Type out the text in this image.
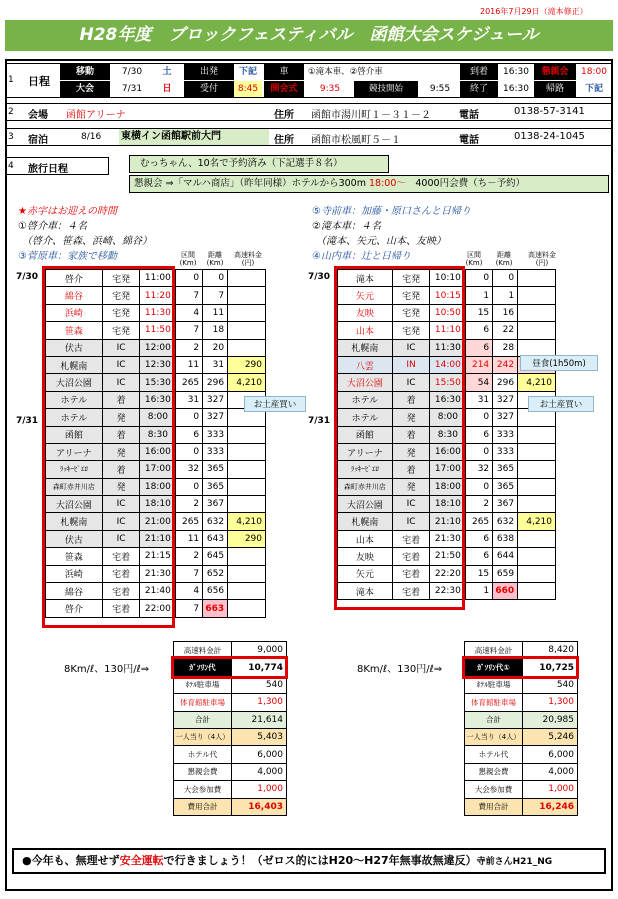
2016年7月29日（滝本修正）
H28年度　ブロックフェスティバル　函館大会スケジュール
1 日程
移動	7/30	土	出発	下記	車	①滝本車、②啓介車	到着	16:30	懇親会	18:00
大会	7/31	日	受付	8:45	開会式	9:35	競技開始	9:55	終了	16:30	帰路	下記
2 会場 函館アリーナ	住所 函館市湯川町１－３１－２	電話	0138-57-3141
3 宿泊	8/16 東横イン函館駅前大門	住所 函館市松風町５－１	電話	0138-24-1045
4 旅行日程
むっちゃん、10名で予約済み（下記選手８名）
懇親会 ⇒「マルハ商店」（昨年同様）ホテルから300m 18:00～　4000円会費（ち－予約）
★赤字はお迎えの時間
①啓介車：４名
（啓介、笹森、浜崎、綿谷）
③菅原車：家族で移動
⑤寺前車：加藤・原口さんと日帰り
②滝本車：４名
（滝本、矢元、山本、友映）
④山内車：辻と日帰り
区間
(Km)
距離
(Km)
高速料金
(円)
区間
(Km)
距離
(Km)
高速料金
(円)
7/30
7/31
7/30
7/31
啓介	宅発	11:00	0	0	
綿谷	宅発	11:20	7	7	
浜崎	宅発	11:30	4	11	
笹森	宅発	11:50	7	18	
伏古	IC	12:00	2	20	
札幌南	IC	12:30	11	31	290
大沼公園	IC	15:30	265	296	4,210
ホテル	着	16:30	31	327	
ホテル	発	8:00	0	327	
函館	着	8:30	6	333	
アリーナ	発	16:00	0	333	
ﾗｯｷｰﾋﾟｴﾛ	着	17:00	32	365	
森町赤井川店	発	18:00	0	365	
大沼公園	IC	18:10	2	367	
札幌南	IC	21:00	265	632	4,210
伏古	IC	21:10	11	643	290
笹森	宅着	21:15	2	645	
浜崎	宅着	21:30	7	652	
綿谷	宅着	21:40	4	656	
啓介	宅着	22:00	7	663	
滝本	宅発	10:10	0	0	
矢元	宅発	10:15	1	1	
友映	宅発	10:50	15	16	
山本	宅発	11:10	6	22	
札幌南	IC	11:30	6	28	
八雲	IN	14:00	214	242	
大沼公園	IC	15:50	54	296	4,210
ホテル	着	16:30	31	327	
ホテル	発	8:00	0	327	
函館	着	8:30	6	333	
アリーナ	発	16:00	0	333	
ﾗｯｷｰﾋﾟｴﾛ	着	17:00	32	365	
森町赤井川店	発	18:00	0	365	
大沼公園	IC	18:10	2	367	
札幌南	IC	21:10	265	632	4,210
山本	宅着	21:30	6	638	
友映	宅着	21:50	6	644	
矢元	宅着	22:20	15	659	
滝本	宅着	22:30	1	660	
お土産買い
昼食(1h50m)
お土産買い
8Km/ℓ、130円/ℓ⇒	8Km/ℓ、130円/ℓ⇒
高速料金計	9,000
ｶﾞｿﾘﾝ代	10,774
ﾎﾃﾙ駐車場	540
体育館駐車場	1,300
合計	21,614
一人当り（4人）	5,403
ホテル代	6,000
懇親会費	4,000
大会参加費	1,000
費用合計	16,403
高速料金計	8,420
ｶﾞｿﾘﾝ代①	10,725
ﾎﾃﾙ駐車場	540
体育館駐車場	1,300
合計	20,985
一人当り（4人）	5,246
ホテル代	6,000
懇親会費	4,000
大会参加費	1,000
費用合計	16,246
●今年も、無理せず安全運転で行きましょう！（ゼロス的にはH20～H27年無事故無違反）寺前さんH21_NG
